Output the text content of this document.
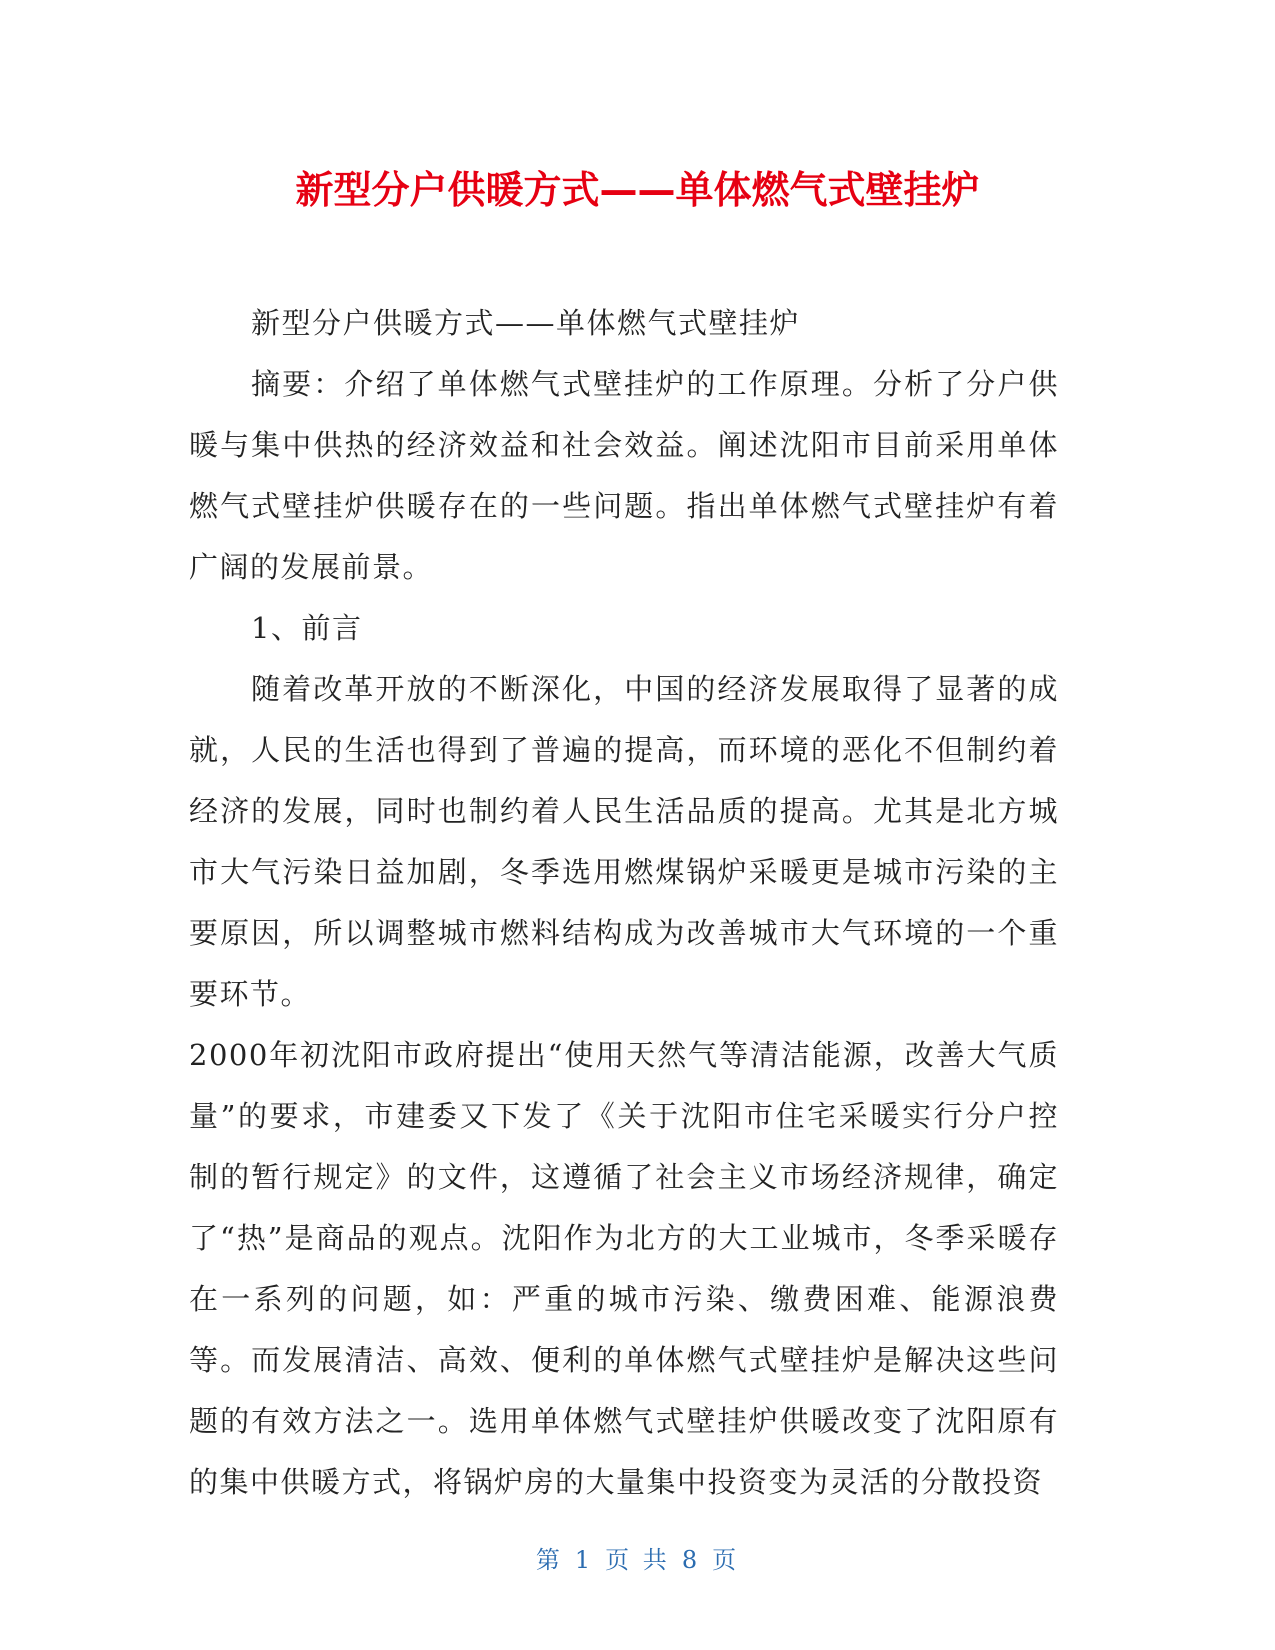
新型分户供暖方式——单体燃气式壁挂炉

新型分户供暖方式——单体燃气式壁挂炉

摘要：介绍了单体燃气式壁挂炉的工作原理。分析了分户供暖与集中供热的经济效益和社会效益。阐述沈阳市目前采用单体燃气式壁挂炉供暖存在的一些问题。指出单体燃气式壁挂炉有着广阔的发展前景。

1、前言

随着改革开放的不断深化，中国的经济发展取得了显著的成就，人民的生活也得到了普遍的提高，而环境的恶化不但制约着经济的发展，同时也制约着人民生活品质的提高。尤其是北方城市大气污染日益加剧，冬季选用燃煤锅炉采暖更是城市污染的主要原因，所以调整城市燃料结构成为改善城市大气环境的一个重要环节。

2000年初沈阳市政府提出“使用天然气等清洁能源，改善大气质量”的要求，市建委又下发了《关于沈阳市住宅采暖实行分户控制的暂行规定》的文件，这遵循了社会主义市场经济规律，确定了“热”是商品的观点。沈阳作为北方的大工业城市，冬季采暖存在一系列的问题，如：严重的城市污染、缴费困难、能源浪费等。而发展清洁、高效、便利的单体燃气式壁挂炉是解决这些问题的有效方法之一。选用单体燃气式壁挂炉供暖改变了沈阳原有的集中供暖方式，将锅炉房的大量集中投资变为灵活的分散投资

第 1 页 共 8 页
